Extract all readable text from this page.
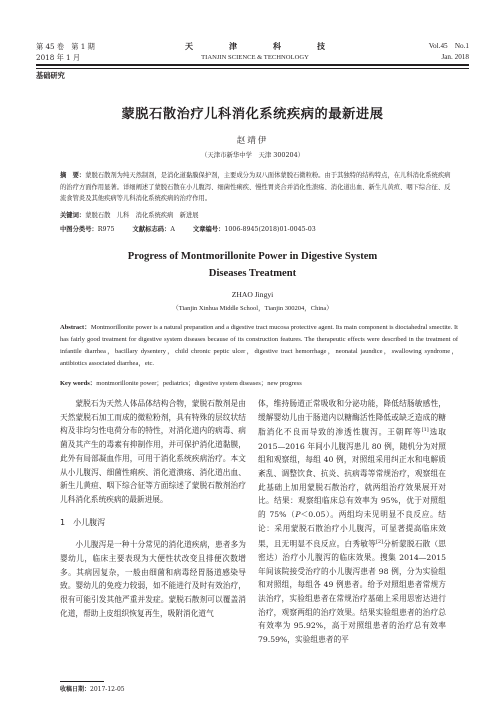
第 45 卷　第 1 期
2018 年 1 月
天　津　科　技
TIANJIN SCIENCE & TECHNOLOGY
Vol.45　No.1
Jan. 2018
基础研究
蒙脱石散治疗儿科消化系统疾病的最新进展
赵靖伊
（天津市新华中学　天津 300204）
摘　要：蒙脱石散剂为纯天然制剂，是消化道黏膜保护剂，主要成分为双八面体蒙脱石微粒粉。由于其独特的结构特点，在儿科消化系统疾病的治疗方面作用显著。详细阐述了蒙脱石散在小儿腹泻、细菌性痢疾、慢性胃炎合并消化性溃疡、消化道出血、新生儿黄疸、咽下综合征、反流食管炎及其他疾病等儿科消化系统疾病的治疗作用。
关键词：蒙脱石散　儿科　消化系统疾病　新进展
中图分类号：R975	文献标志码：A	文章编号：1006-8945(2018)01-0045-03
Progress of Montmorillonite Power in Digestive System
Diseases Treatment
ZHAO Jingyi
（Tianjin Xinhua Middle School，Tianjin 300204，China）
Abstract：Montmorillonite power is a natural preparation and a digestive tract mucosa protective agent. Its main component is dioctahedral smectite. It has fairly good treatment for digestive system diseases because of its construction features. The therapeutic effects were described in the treatment of infantile diarrhea，bacillary dysentery，child chronic peptic ulcer，digestive tract hemorrhage，neonatal jaundice，swallowing syndrome，antibiotics associated diarrhea，etc.
Key words：montmorillonite power；pediatrics；digestive system diseases；new progress

蒙脱石为天然人体品体结构合物，蒙脱石散剂是由天然蒙脱石加工而成的微粒粉剂，具有特殊的层纹状结构及非均匀性电荷分布的特性，对消化道内的病毒、病菌及其产生的毒素有抑制作用，并可保护消化道黏膜，此外有局部凝血作用，可用于消化系统疾病治疗。本文从小儿腹泻、细菌性痢疾、消化道溃疡、消化道出血、新生儿黄疸、咽下综合征等方面综述了蒙脱石散剂治疗儿科消化系统疾病的最新进展。

1　小儿腹泻

小儿腹泻是一种十分常见的消化道疾病，患者多为婴幼儿，临床主要表现为大便性状改变且排便次数增多。其病因复杂，一般由细菌和病毒经胃肠道感染导致。婴幼儿的免疫力较弱，如不能进行及时有效治疗，很有可能引发其他严重并发症。蒙脱石散剂可以覆盖消化道，帮助上皮组织恢复再生，吸附消化道气

体，维持肠道正常吸收和分泌功能，降低结肠敏感性，缓解婴幼儿由于肠道内以糖酶活性降低或缺乏造成的糖脂消化不良而导致的渗透性腹泻。王朝晖等[1]选取 2015—2016 年间小儿腹泻患儿 80 例，随机分为对照组和观察组，每组 40 例，对照组采用纠正水和电解质紊乱、调整饮食、抗炎、抗病毒等常规治疗，观察组在此基础上加用蒙脱石散治疗，就两组治疗效果展开对比。结果：观察组临床总有效率为 95%，优于对照组的 75%（P＜0.05）。两组均未见明显不良反应。结论：采用蒙脱石散治疗小儿腹泻，可显著提高临床效果，且无明显不良反应。白秀敏等[2]分析蒙脱石散（思密达）治疗小儿腹泻的临床效果。搜集 2014—2015 年间该院接受治疗的小儿腹泻患者 98 例，分为实验组和对照组，每组各 49 例患者。给予对照组患者常规方法治疗，实验组患者在常规治疗基础上采用思密达进行治疗，观察两组的治疗效果。结果实验组患者的治疗总有效率为 95.92%，高于对照组患者的治疗总有效率 79.59%，实验组患者的平

收稿日期：2017-12-05
